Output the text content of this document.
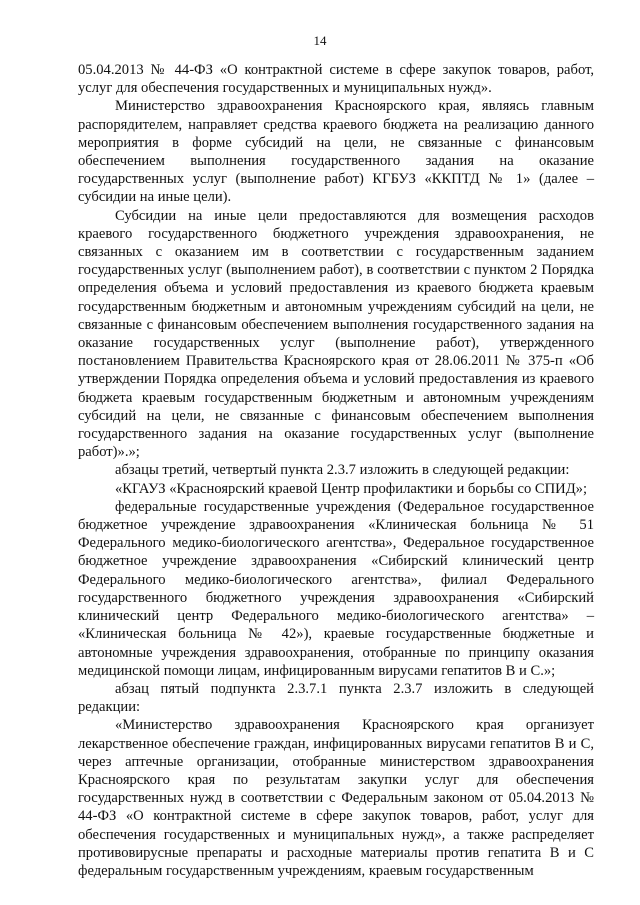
14

05.04.2013 № 44-ФЗ «О контрактной системе в сфере закупок товаров, работ, услуг для обеспечения государственных и муниципальных нужд».

Министерство здравоохранения Красноярского края, являясь главным распорядителем, направляет средства краевого бюджета на реализацию данного мероприятия в форме субсидий на цели, не связанные с финансовым обеспечением выполнения государственного задания на оказание государственных услуг (выполнение работ) КГБУЗ «ККПТД № 1» (далее – субсидии на иные цели).

Субсидии на иные цели предоставляются для возмещения расходов краевого государственного бюджетного учреждения здравоохранения, не связанных с оказанием им в соответствии с государственным заданием государственных услуг (выполнением работ), в соответствии с пунктом 2 Порядка определения объема и условий предоставления из краевого бюджета краевым государственным бюджетным и автономным учреждениям субсидий на цели, не связанные с финансовым обеспечением выполнения государственного задания на оказание государственных услуг (выполнение работ), утвержденного постановлением Правительства Красноярского края от 28.06.2011 № 375-п «Об утверждении Порядка определения объема и условий предоставления из краевого бюджета краевым государственным бюджетным и автономным учреждениям субсидий на цели, не связанные с финансовым обеспечением выполнения государственного задания на оказание государственных услуг (выполнение работ)».»;

абзацы третий, четвертый пункта 2.3.7 изложить в следующей редакции:

«КГАУЗ «Красноярский краевой Центр профилактики и борьбы со СПИД»;

федеральные государственные учреждения (Федеральное государственное бюджетное учреждение здравоохранения «Клиническая больница № 51 Федерального медико-биологического агентства», Федеральное государственное бюджетное учреждение здравоохранения «Сибирский клинический центр Федерального медико-биологического агентства», филиал Федерального государственного бюджетного учреждения здравоохранения «Сибирский клинический центр Федерального медико-биологического агентства» – «Клиническая больница № 42»), краевые государственные бюджетные и автономные учреждения здравоохранения, отобранные по принципу оказания медицинской помощи лицам, инфицированным вирусами гепатитов В и С.»;

абзац пятый подпункта 2.3.7.1 пункта 2.3.7 изложить в следующей редакции:

«Министерство здравоохранения Красноярского края организует лекарственное обеспечение граждан, инфицированных вирусами гепатитов В и С, через аптечные организации, отобранные министерством здравоохранения Красноярского края по результатам закупки услуг для обеспечения государственных нужд в соответствии с Федеральным законом от 05.04.2013 № 44-ФЗ «О контрактной системе в сфере закупок товаров, работ, услуг для обеспечения государственных и муниципальных нужд», а также распределяет противовирусные препараты и расходные материалы против гепатита В и С федеральным государственным учреждениям, краевым государственным
